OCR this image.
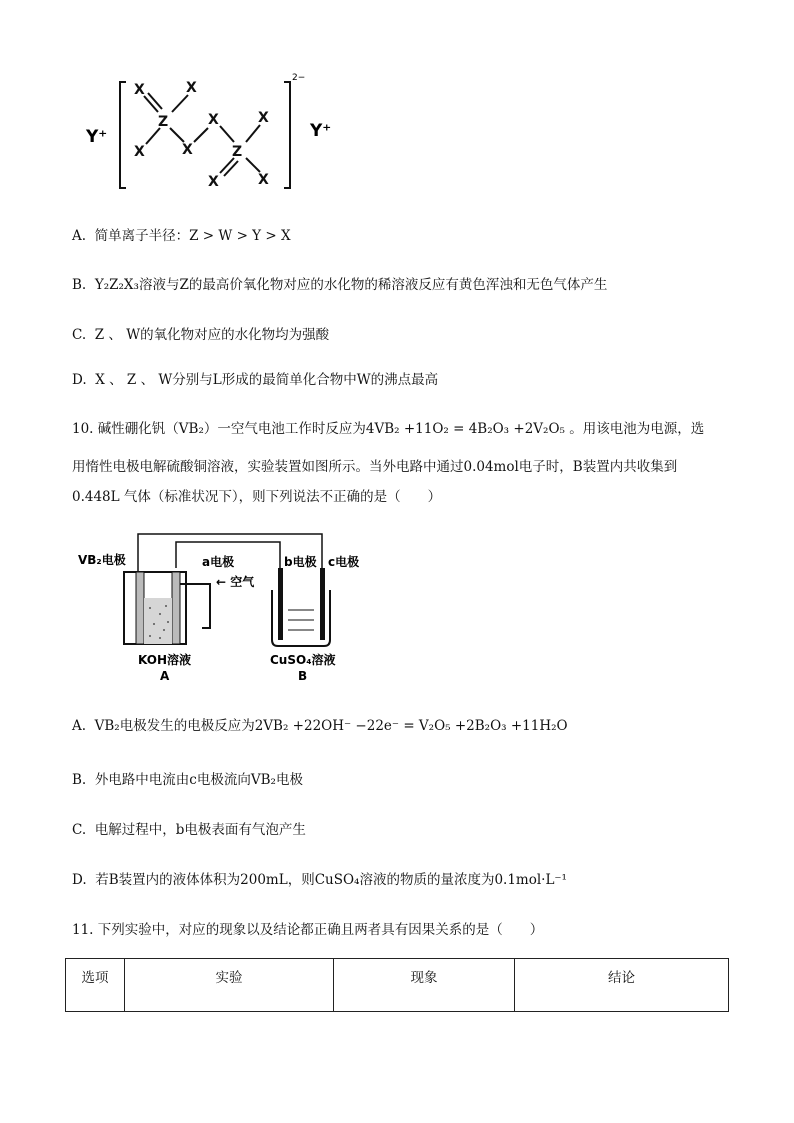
Y⁺
2−
X	X
Z
X	X
X	X
Z
X	X
Y⁺
A. 简单离子半径：Z > W > Y > X
B. Y₂Z₂X₃溶液与Z的最高价氧化物对应的水化物的稀溶液反应有黄色浑浊和无色气体产生
C. Z 、 W的氧化物对应的水化物均为强酸
D. X 、 Z 、 W分别与L形成的最简单化合物中W的沸点最高
10. 碱性硼化钒（VB₂）一空气电池工作时反应为4VB₂ +11O₂ = 4B₂O₃ +2V₂O₅ 。用该电池为电源，选
用惰性电极电解硫酸铜溶液，实验装置如图所示。当外电路中通过0.04mol电子时，B装置内共收集到
0.448L 气体（标准状况下），则下列说法不正确的是（　　）
VB₂电极	a电极
← 空气
b电极 c电极
KOH溶液
A
CuSO₄溶液
B
A. VB₂电极发生的电极反应为2VB₂ +22OH⁻ −22e⁻ = V₂O₅ +2B₂O₃ +11H₂O
B. 外电路中电流由c电极流向VB₂电极
C. 电解过程中，b电极表面有气泡产生
D. 若B装置内的液体体积为200mL，则CuSO₄溶液的物质的量浓度为0.1mol·L⁻¹
11. 下列实验中，对应的现象以及结论都正确且两者具有因果关系的是（　　）
选项	实验	现象	结论
